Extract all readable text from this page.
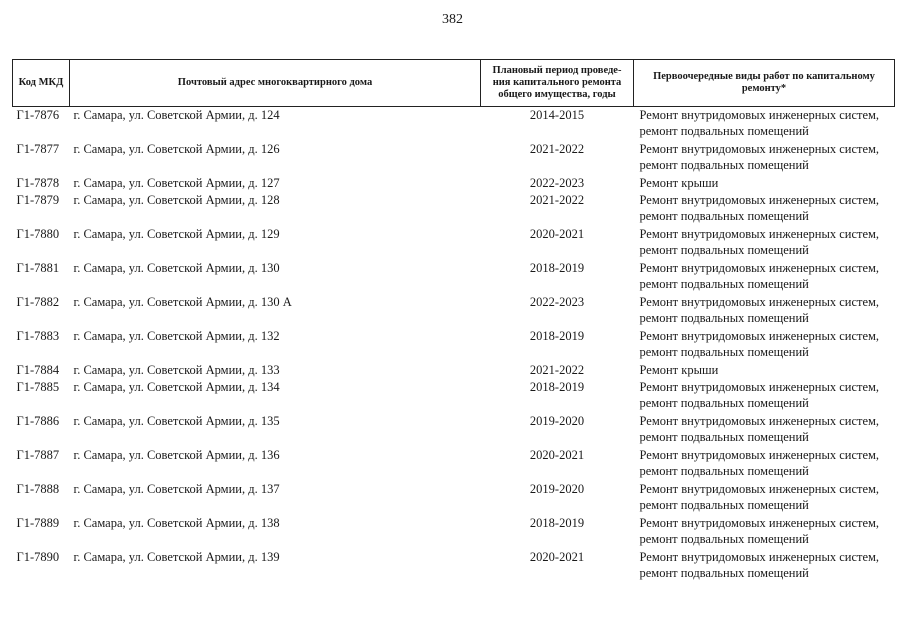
382
Код МКД	Почтовый адрес многоквартирного дома	Плановый период проведе-ния капитального ремонта общего имущества, годы	Первоочередные виды работ по капитальному ремонту*
Г1-7876	г. Самара, ул. Советской Армии, д. 124	2014-2015	Ремонт внутридомовых инженерных систем,
ремонт подвальных помещений

Г1-7877	г. Самара, ул. Советской Армии, д. 126	2021-2022	Ремонт внутридомовых инженерных систем,
ремонт подвальных помещений

Г1-7878	г. Самара, ул. Советской Армии, д. 127	2022-2023	Ремонт крыши

Г1-7879	г. Самара, ул. Советской Армии, д. 128	2021-2022	Ремонт внутридомовых инженерных систем,
ремонт подвальных помещений

Г1-7880	г. Самара, ул. Советской Армии, д. 129	2020-2021	Ремонт внутридомовых инженерных систем,
ремонт подвальных помещений

Г1-7881	г. Самара, ул. Советской Армии, д. 130	2018-2019	Ремонт внутридомовых инженерных систем,
ремонт подвальных помещений

Г1-7882	г. Самара, ул. Советской Армии, д. 130 А	2022-2023	Ремонт внутридомовых инженерных систем,
ремонт подвальных помещений

Г1-7883	г. Самара, ул. Советской Армии, д. 132	2018-2019	Ремонт внутридомовых инженерных систем,
ремонт подвальных помещений

Г1-7884	г. Самара, ул. Советской Армии, д. 133	2021-2022	Ремонт крыши

Г1-7885	г. Самара, ул. Советской Армии, д. 134	2018-2019	Ремонт внутридомовых инженерных систем,
ремонт подвальных помещений

Г1-7886	г. Самара, ул. Советской Армии, д. 135	2019-2020	Ремонт внутридомовых инженерных систем,
ремонт подвальных помещений

Г1-7887	г. Самара, ул. Советской Армии, д. 136	2020-2021	Ремонт внутридомовых инженерных систем,
ремонт подвальных помещений

Г1-7888	г. Самара, ул. Советской Армии, д. 137	2019-2020	Ремонт внутридомовых инженерных систем,
ремонт подвальных помещений

Г1-7889	г. Самара, ул. Советской Армии, д. 138	2018-2019	Ремонт внутридомовых инженерных систем,
ремонт подвальных помещений

Г1-7890	г. Самара, ул. Советской Армии, д. 139	2020-2021	Ремонт внутридомовых инженерных систем,
ремонт подвальных помещений
